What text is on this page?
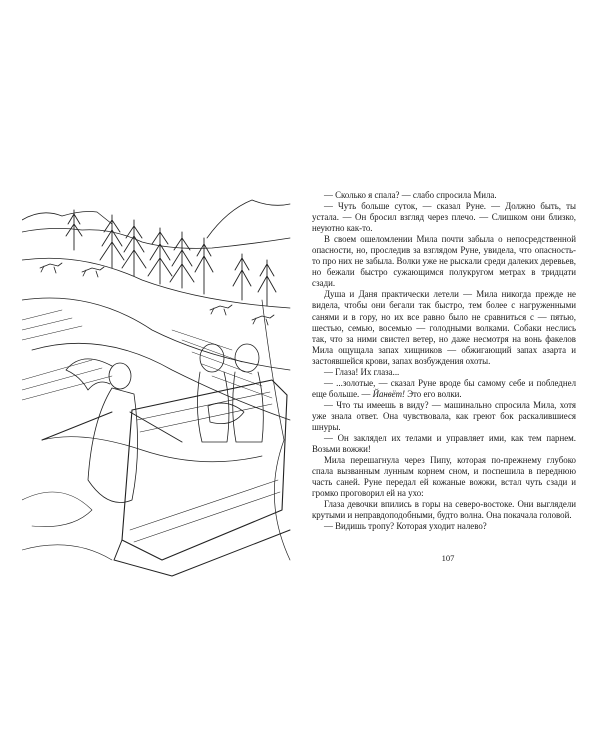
— Сколько я спала? — слабо спросила Мила.

— Чуть больше суток, — сказал Руне. — Должно быть, ты устала. — Он бросил взгляд через плечо. — Слишком они близко, неуютно как-то.

В своем ошеломлении Мила почти забыла о непосредственной опасности, но, проследив за взглядом Руне, увидела, что опасность-то про них не забыла. Волки уже не рыскали среди далеких деревьев, но бежали быстро сужающимся полукругом метрах в тридцати сзади.

Душа и Даня практически летели — Мила никогда прежде не видела, чтобы они бегали так быстро, тем более с нагруженными санями и в гору, но их все равно было не сравниться с — пятью, шестью, семью, восемью — голодными волками. Собаки неслись так, что за ними свистел ветер, но даже несмотря на вонь факелов Мила ощущала запах хищников — обжигающий запах азарта и застоявшейся крови, запах возбуждения охоты.

— Глаза! Их глаза...

— ...золотые, — сказал Руне вроде бы самому себе и побледнел еще больше. — Йанвёт! Это его волки.

— Что ты имеешь в виду? — машинально спросила Мила, хотя уже знала ответ. Она чувствовала, как греют бок раскалившиеся шнуры.

— Он заклядел их телами и управляет ими, как тем парнем. Возьми вожжи!

Мила перешагнула через Пипу, которая по-прежнему глубоко спала вызванным лунным корнем сном, и поспешила в переднюю часть саней. Руне передал ей кожаные вожжи, встал чуть сзади и громко проговорил ей на ухо:

Глаза девочки впились в горы на северо-востоке. Они выглядели крутыми и неправдоподобными, будто волна. Она покачала головой.

— Видишь тропу? Которая уходит налево?

107
